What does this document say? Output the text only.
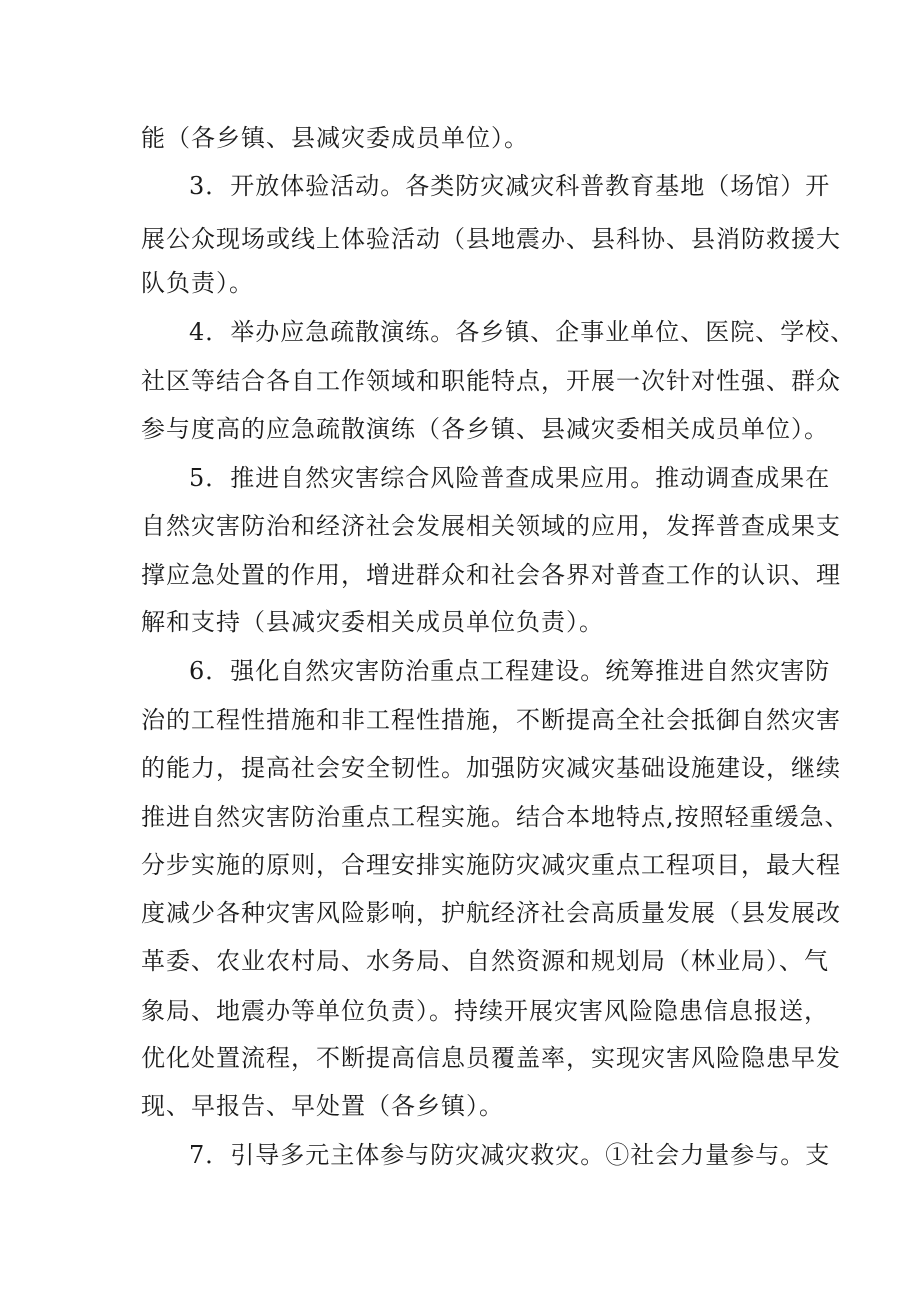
能（各乡镇、县减灾委成员单位）。
3．开放体验活动。各类防灾减灾科普教育基地（场馆）开
展公众现场或线上体验活动（县地震办、县科协、县消防救援大
队负责）。
4．举办应急疏散演练。各乡镇、企事业单位、医院、学校、
社区等结合各自工作领域和职能特点，开展一次针对性强、群众
参与度高的应急疏散演练（各乡镇、县减灾委相关成员单位）。
5．推进自然灾害综合风险普查成果应用。推动调查成果在
自然灾害防治和经济社会发展相关领域的应用，发挥普查成果支
撑应急处置的作用，增进群众和社会各界对普查工作的认识、理
解和支持（县减灾委相关成员单位负责）。
6．强化自然灾害防治重点工程建设。统筹推进自然灾害防
治的工程性措施和非工程性措施，不断提高全社会抵御自然灾害
的能力，提高社会安全韧性。加强防灾减灾基础设施建设，继续
推进自然灾害防治重点工程实施。结合本地特点,按照轻重缓急、
分步实施的原则，合理安排实施防灾减灾重点工程项目，最大程
度减少各种灾害风险影响，护航经济社会高质量发展（县发展改
革委、农业农村局、水务局、自然资源和规划局（林业局）、气
象局、地震办等单位负责）。持续开展灾害风险隐患信息报送，
优化处置流程，不断提高信息员覆盖率，实现灾害风险隐患早发
现、早报告、早处置（各乡镇）。
7．引导多元主体参与防灾减灾救灾。①社会力量参与。支
